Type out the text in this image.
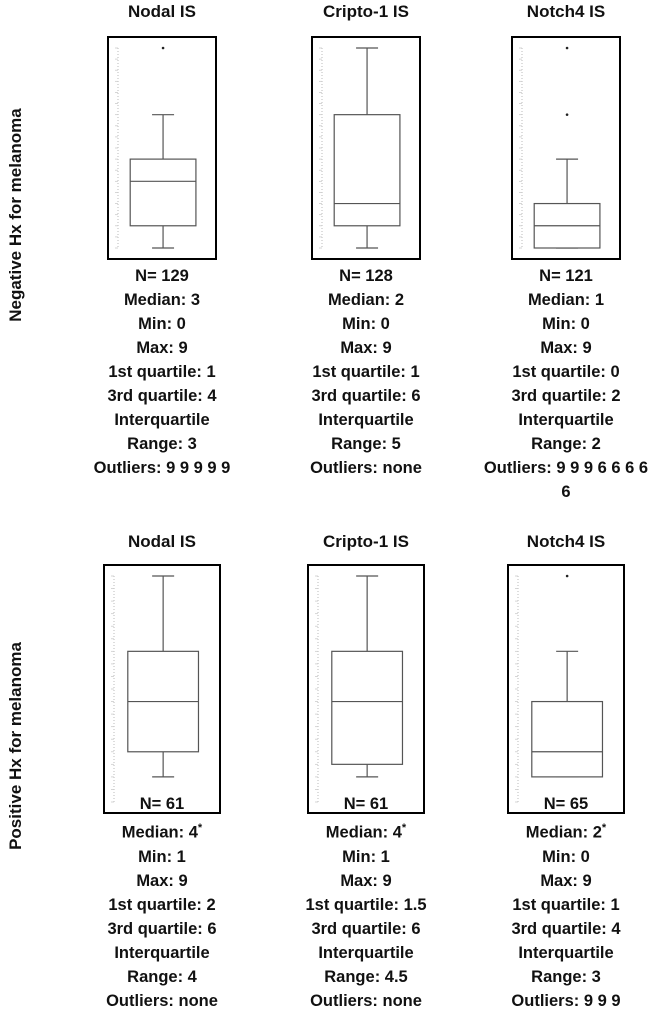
Negative Hx for melanoma
Positive Hx for melanoma
Nodal IS
N= 129
Median: 3
Min: 0
Max: 9
1st quartile: 1
3rd quartile: 4
Interquartile
Range: 3
Outliers: 9 9 9 9 9
Cripto-1 IS
N= 128
Median: 2
Min: 0
Max: 9
1st quartile: 1
3rd quartile: 6
Interquartile
Range: 5
Outliers: none
Notch4 IS
N= 121
Median: 1
Min: 0
Max: 9
1st quartile: 0
3rd quartile: 2
Interquartile
Range: 2
Outliers: 9 9 9 6 6 6 6 6
Nodal IS
N= 61
Median: 4*
Min: 1
Max: 9
1st quartile: 2
3rd quartile: 6
Interquartile
Range: 4
Outliers: none
Cripto-1 IS
N= 61
Median: 4*
Min: 1
Max: 9
1st quartile: 1.5
3rd quartile: 6
Interquartile
Range: 4.5
Outliers: none
Notch4 IS
N= 65
Median: 2*
Min: 0
Max: 9
1st quartile: 1
3rd quartile: 4
Interquartile
Range: 3
Outliers: 9 9 9
